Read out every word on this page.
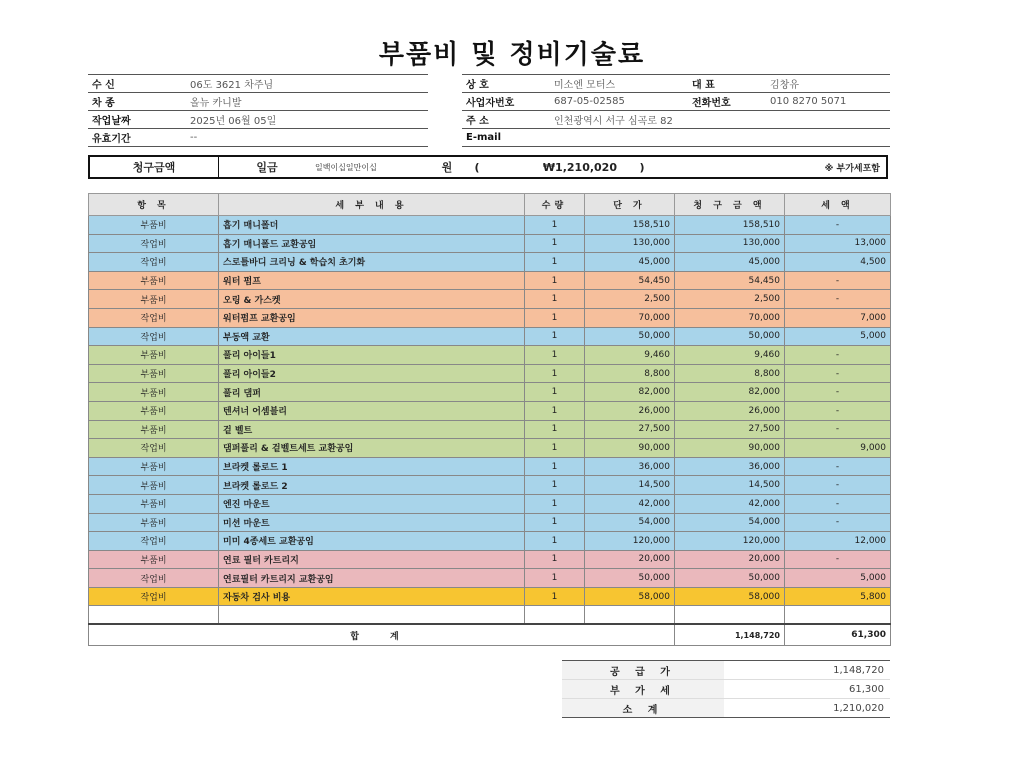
부품비 및 정비기술료
수 신	06도 3621 차주님
차 종	올뉴 카니발
작업날짜	2025년 06월 05일
유효기간	--
상 호	미소엔 모터스	대 표	김창유
사업자번호	687-05-02585	전화번호	010 8270 5071
주 소	인천광역시 서구 심곡로 82		
E-mail			
청구금액	일금	일백이십일만이십	원	(	₩1,210,020	)	※ 부가세포함
항 목	세 부 내 용	수량	단 가	청 구 금 액	세 액
부품비	흡기 매니폴더	1	158,510	158,510	-
작업비	흡기 매니폴드 교환공임	1	130,000	130,000	13,000
작업비	스로틀바디 크리닝 & 학습치 초기화	1	45,000	45,000	4,500
부품비	워터 펌프	1	54,450	54,450	-
부품비	오링 & 가스켓	1	2,500	2,500	-
작업비	워터펌프 교환공임	1	70,000	70,000	7,000
작업비	부동액 교환	1	50,000	50,000	5,000
부품비	풀리 아이들1	1	9,460	9,460	-
부품비	풀리 아이들2	1	8,800	8,800	-
부품비	풀리 댐퍼	1	82,000	82,000	-
부품비	텐셔너 어셈블리	1	26,000	26,000	-
부품비	겉 벨트	1	27,500	27,500	-
작업비	댐퍼풀리 & 겉벨트세트 교환공임	1	90,000	90,000	9,000
부품비	브라켓 롤로드 1	1	36,000	36,000	-
부품비	브라켓 롤로드 2	1	14,500	14,500	-
부품비	엔진 마운트	1	42,000	42,000	-
부품비	미션 마운트	1	54,000	54,000	-
작업비	미미 4종세트 교환공임	1	120,000	120,000	12,000
부품비	연료 필터 카트리지	1	20,000	20,000	-
작업비	연료필터 카트리지 교환공임	1	50,000	50,000	5,000
작업비	자동차 검사 비용	1	58,000	58,000	5,800

합 계				1,148,720	61,300
공 급 가	1,148,720
부 가 세	61,300
소 계	1,210,020
